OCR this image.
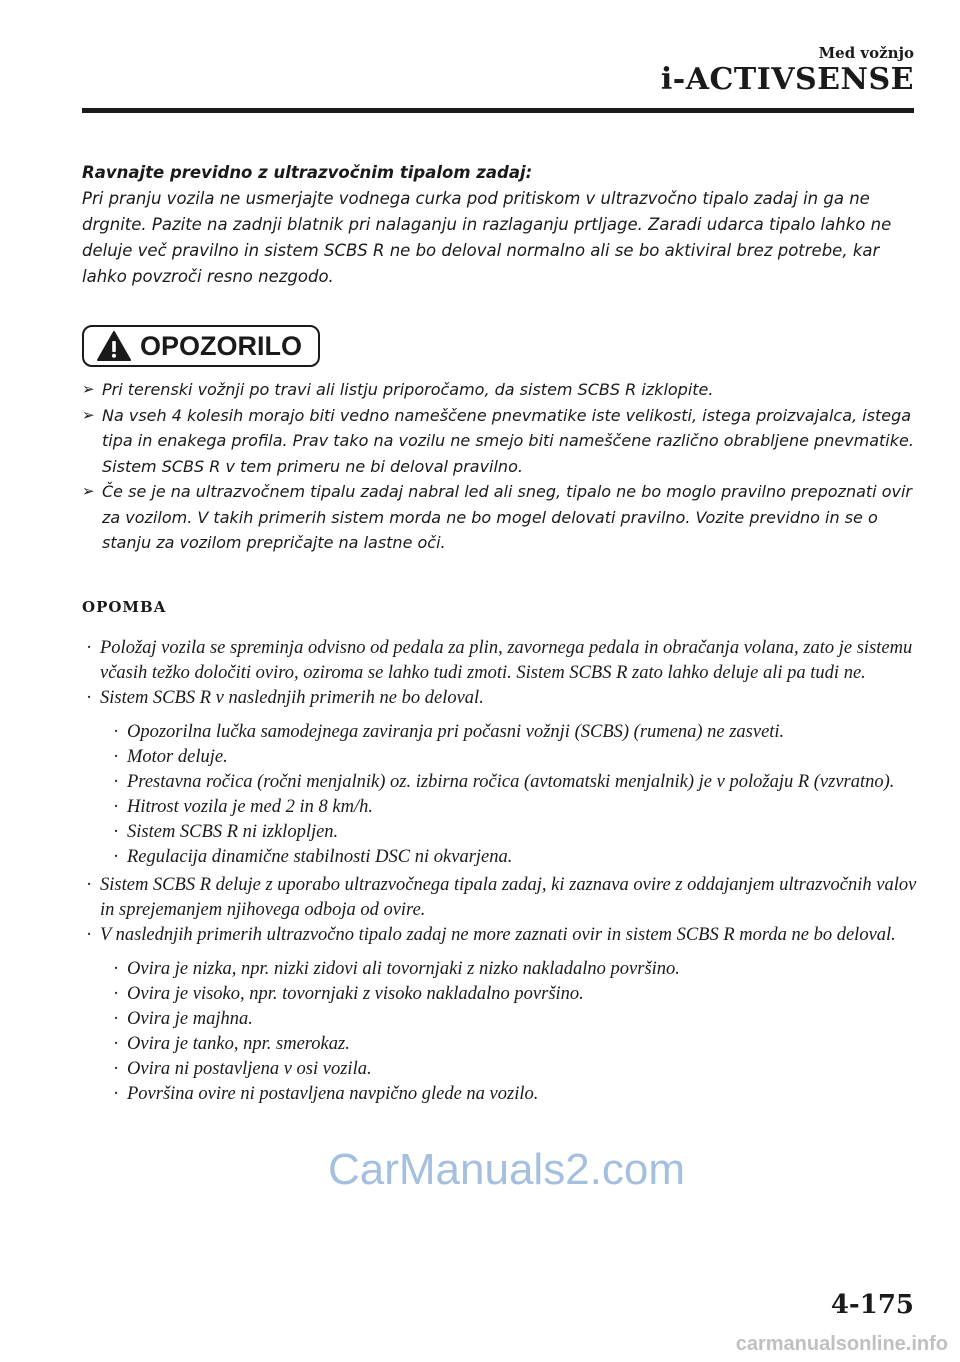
Med vožnjo
i-ACTIVSENSE
Ravnajte previdno z ultrazvočnim tipalom zadaj:
Pri pranju vozila ne usmerjajte vodnega curka pod pritiskom v ultrazvočno tipalo zadaj in ga ne drgnite. Pazite na zadnji blatnik pri nalaganju in razlaganju prtljage. Zaradi udarca tipalo lahko ne deluje več pravilno in sistem SCBS R ne bo deloval normalno ali se bo aktiviral brez potrebe, kar lahko povzroči resno nezgodo.
OPOZORILO
➢ Pri terenski vožnji po travi ali listju priporočamo, da sistem SCBS R izklopite.
➢ Na vseh 4 kolesih morajo biti vedno nameščene pnevmatike iste velikosti, istega proizvajalca, istega tipa in enakega profila. Prav tako na vozilu ne smejo biti nameščene različno obrabljene pnevmatike. Sistem SCBS R v tem primeru ne bi deloval pravilno.
➢ Če se je na ultrazvočnem tipalu zadaj nabral led ali sneg, tipalo ne bo moglo pravilno prepoznati ovir za vozilom. V takih primerih sistem morda ne bo mogel delovati pravilno. Vozite previdno in se o stanju za vozilom prepričajte na lastne oči.
OPOMBA
· Položaj vozila se spreminja odvisno od pedala za plin, zavornega pedala in obračanja volana, zato je sistemu včasih težko določiti oviro, oziroma se lahko tudi zmoti. Sistem SCBS R zato lahko deluje ali pa tudi ne.
· Sistem SCBS R v naslednjih primerih ne bo deloval.
· Opozorilna lučka samodejnega zaviranja pri počasni vožnji (SCBS) (rumena) ne zasveti.
· Motor deluje.
· Prestavna ročica (ročni menjalnik) oz. izbirna ročica (avtomatski menjalnik) je v položaju R (vzvratno).
· Hitrost vozila je med 2 in 8 km/h.
· Sistem SCBS R ni izklopljen.
· Regulacija dinamične stabilnosti DSC ni okvarjena.
· Sistem SCBS R deluje z uporabo ultrazvočnega tipala zadaj, ki zaznava ovire z oddajanjem ultrazvočnih valov in sprejemanjem njihovega odboja od ovire.
· V naslednjih primerih ultrazvočno tipalo zadaj ne more zaznati ovir in sistem SCBS R morda ne bo deloval.
· Ovira je nizka, npr. nizki zidovi ali tovornjaki z nizko nakladalno površino.
· Ovira je visoko, npr. tovornjaki z visoko nakladalno površino.
· Ovira je majhna.
· Ovira je tanko, npr. smerokaz.
· Ovira ni postavljena v osi vozila.
· Površina ovire ni postavljena navpično glede na vozilo.
CarManuals2.com
4-175
carmanualsonline.info
